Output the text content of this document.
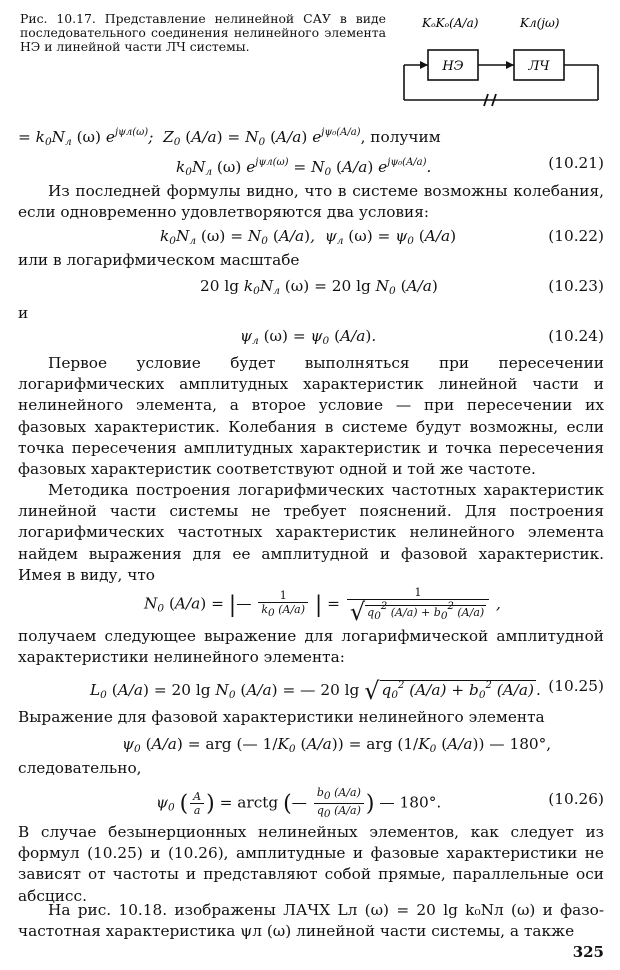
Рис. 10.17. Представление нелинейной САУ в виде последовательного соединения нелинейного элемента НЭ и линейной части ЛЧ системы.
KₒKₒ(A/a)	Kл(jω)
НЭ	ЛЧ
= $k_0N_л$ (ω) $e^{j\psi л(\omega)}$;  $Z_0$ $(A/a) = N_0$ (A/a) $e^{j\psi_0(A/a)}$, получим
$k_0N_л$ (ω) $e^{j\psi л(\omega)} = N_0$ (A/a) $e^{j\psi_0(A/a)}$.	(10.21)
Из последней формулы видно, что в системе возможны колебания, если одновременно удовлетворяются два условия:
$k_0N_л$ $(\omega) = N_0$ (A/a),  $\psi_л$ $(\omega) = \psi_0$ (A/a)	(10.22)
или в логарифмическом масштабе
20 $\lg k_0N_л$ (ω) = 20 $\lg N_0$ (A/a)	(10.23)
и
$\psi_л$ $(\omega) = \psi_0$ (A/a).	(10.24)
Первое условие будет выполняться при пересечении логарифмических амплитудных характеристик линейной части и нелинейного элемента, а второе условие — при пересечении их фазовых характеристик. Колебания в системе будут возможны, если точка пересечения амплитудных характеристик и точка пересечения фазовых характеристик соответствуют одной и той же частоте.
Методика построения логарифмических частотных характеристик линейной части системы не требует пояснений. Для построения логарифмических частотных характеристик нелинейного элемента найдем выражения для ее амплитудной и фазовой характеристик. Имея в виду, что
$N_0$ (A/a) = |— $\frac{1}{k0 (A/a)}$ | = $\frac{1}{√ q02 (A/a) + b02 (A/a)}$ ,
получаем следующее выражение для логарифмической амплитудной характеристики нелинейного элемента:
$L_0$ (A/a) = 20 $\lg N_0$ (A/a) = — 20 lg √ $q_0^2$ $(A/a) + b_0^2$ (A/a) . (10.25)
Выражение для фазовой характеристики нелинейного элемента
$\psi_0$ (A/a) = arg (— $1/K_0$ (A/a)) = arg ($1/K_0$ (A/a)) — 180°,
следовательно,
$\psi_0$ ( $\frac{A}{a}$ ) = arctg (— $\frac{b0 (A/a)}{q0 (A/a)}$ ) — 180°.	(10.26)
В случае безынерционных нелинейных элементов, как следует из формул (10.25) и (10.26), амплитудные и фазовые характеристики не зависят от частоты и представляют собой прямые, параллельные оси абсцисс.
На рис. 10.18. изображены ЛАЧХ Lл (ω) = 20 lg k₀Nл (ω) и фазо-частотная характеристика ψл (ω) линейной части системы, а также
325
